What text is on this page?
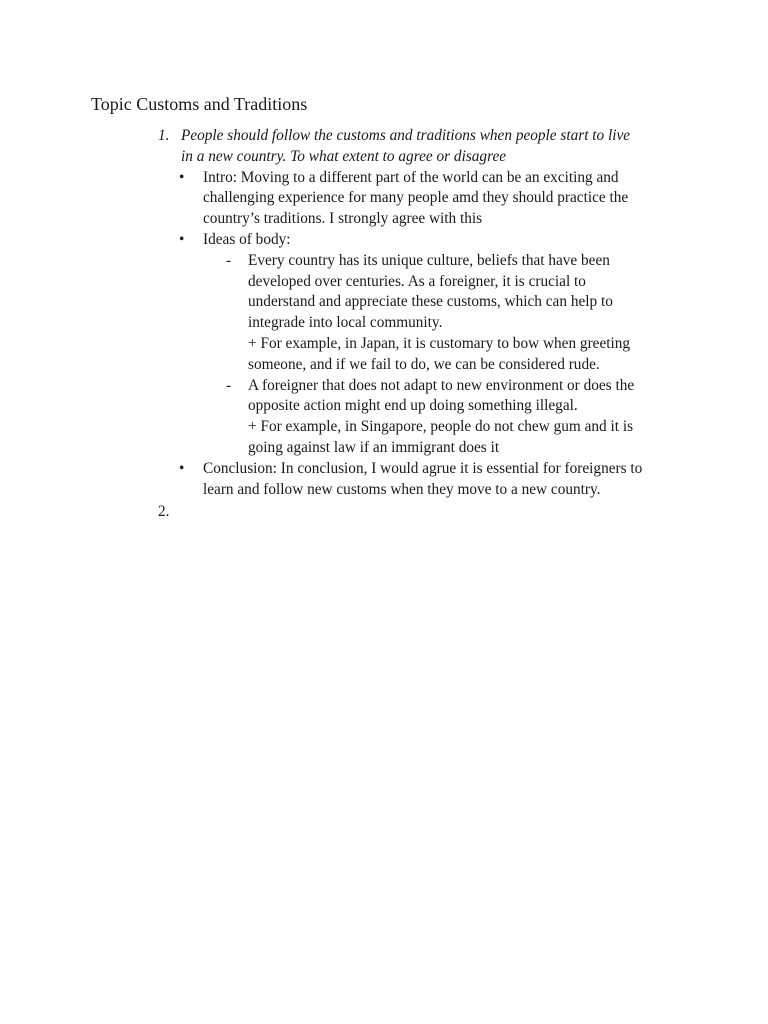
Topic Customs and Traditions
1. People should follow the customs and traditions when people start to live
in a new country. To what extent to agree or disagree
• Intro: Moving to a different part of the world can be an exciting and
challenging experience for many people amd they should practice the
country’s traditions. I strongly agree with this
• Ideas of body:
- Every country has its unique culture, beliefs that have been
developed over centuries. As a foreigner, it is crucial to
understand and appreciate these customs, which can help to
integrade into local community.
+ For example, in Japan, it is customary to bow when greeting
someone, and if we fail to do, we can be considered rude.
- A foreigner that does not adapt to new environment or does the
opposite action might end up doing something illegal.
+ For example, in Singapore, people do not chew gum and it is
going against law if an immigrant does it
• Conclusion: In conclusion, I would agrue it is essential for foreigners to
learn and follow new customs when they move to a new country.
2.
